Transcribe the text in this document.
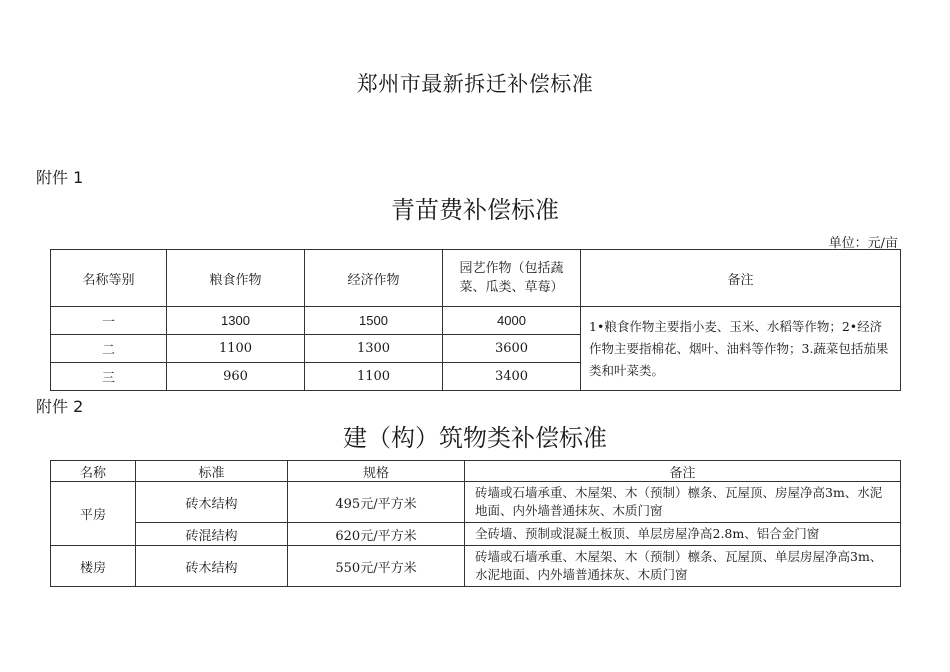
郑州市最新拆迁补偿标准
附件 1
青苗费补偿标准
单位：元/亩
名称等别	粮食作物	经济作物	园艺作物（包括蔬菜、瓜类、草莓）	备注
一	1300	1500	4000	1•粮食作物主要指小麦、玉米、水稻等作物；2•经济作物主要指棉花、烟叶、油料等作物；3.蔬菜包括茄果类和叶菜类。
二	1100	1300	3600	
三	960	1100	3400	
附件 2
建（构）筑物类补偿标准
名称	标准	规格	备注
平房	砖木结构	495元/平方米	砖墙或石墙承重、木屋架、木（预制）檩条、瓦屋顶、房屋净高3m、水泥地面、内外墙普通抹灰、木质门窗
	砖混结构	620元/平方米	全砖墙、预制或混凝土板顶、单层房屋净高2.8m、铝合金门窗
楼房	砖木结构	550元/平方米	砖墙或石墙承重、木屋架、木（预制）檩条、瓦屋顶、单层房屋净高3m、水泥地面、内外墙普通抹灰、木质门窗
